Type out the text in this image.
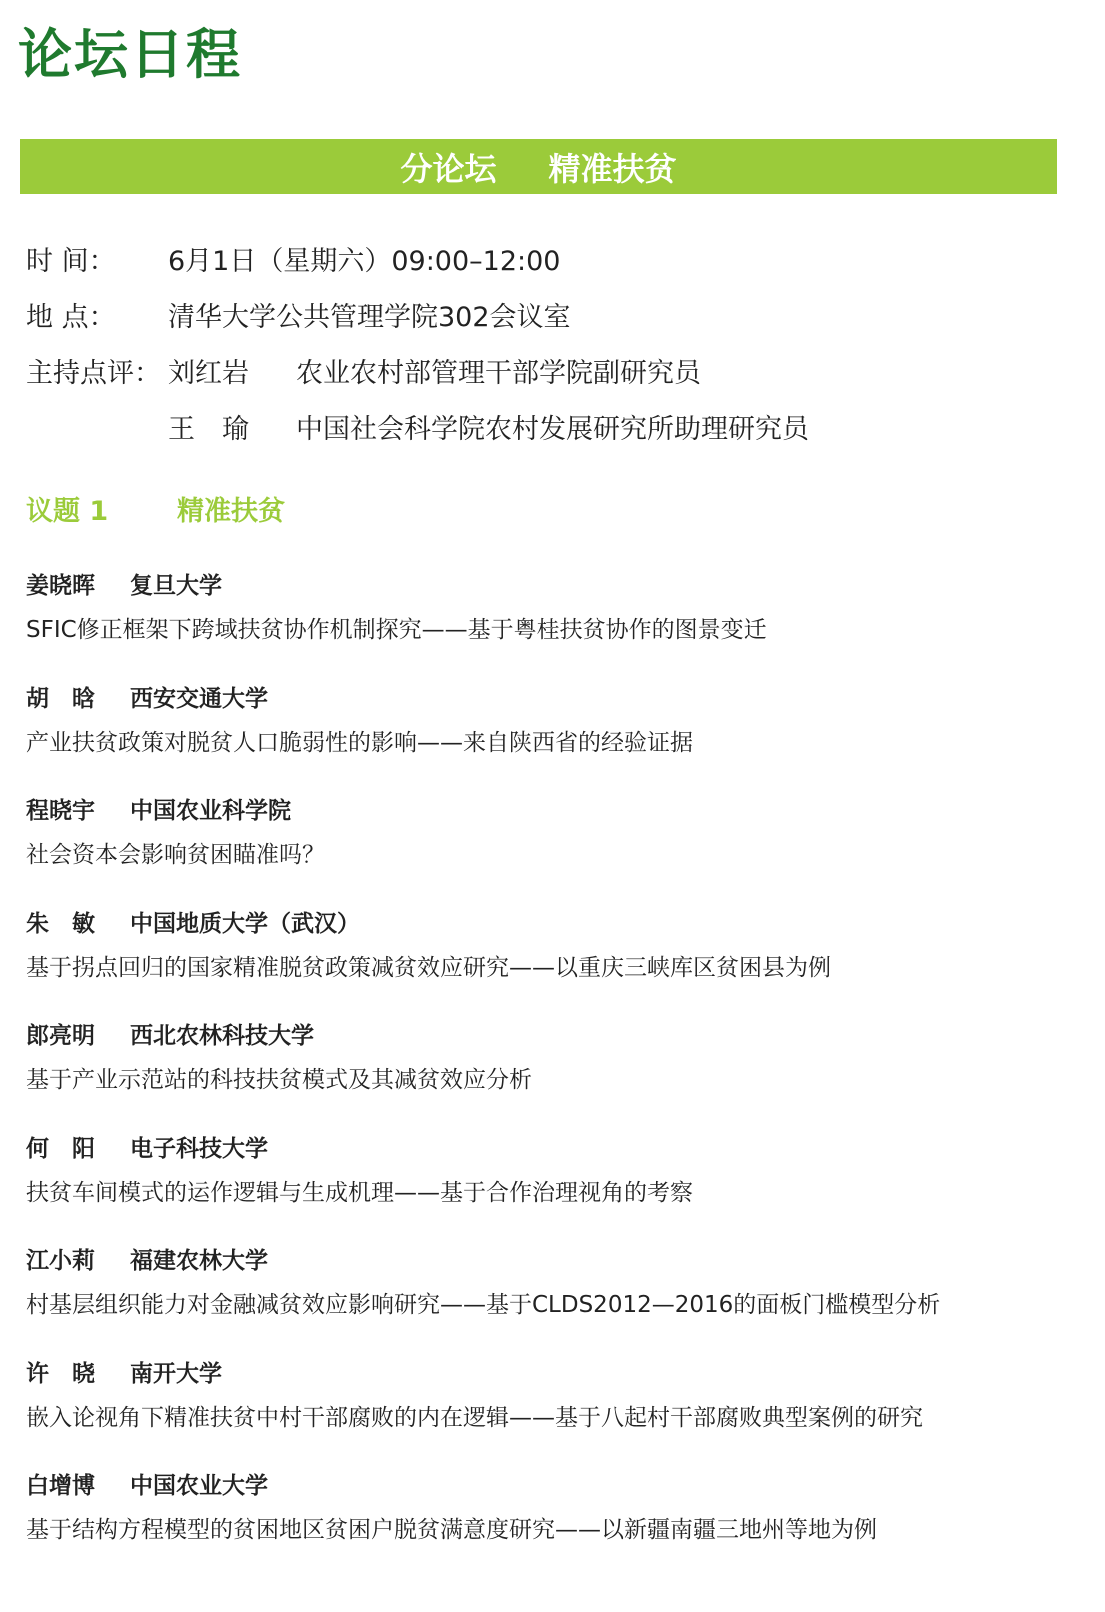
论坛日程
分论坛 精准扶贫
时 间：	6月1日（星期六）09:00–12:00
地 点：	清华大学公共管理学院302会议室
主持点评： 刘红岩	农业农村部管理干部学院副研究员
王　瑜	中国社会科学院农村发展研究所助理研究员
议题 1	精准扶贫
姜晓晖 复旦大学
SFIC修正框架下跨域扶贫协作机制探究——基于粤桂扶贫协作的图景变迁
胡　晗 西安交通大学
产业扶贫政策对脱贫人口脆弱性的影响——来自陕西省的经验证据
程晓宇 中国农业科学院
社会资本会影响贫困瞄准吗？
朱　敏 中国地质大学（武汉）
基于拐点回归的国家精准脱贫政策减贫效应研究——以重庆三峡库区贫困县为例
郎亮明 西北农林科技大学
基于产业示范站的科技扶贫模式及其减贫效应分析
何　阳 电子科技大学
扶贫车间模式的运作逻辑与生成机理——基于合作治理视角的考察
江小莉 福建农林大学
村基层组织能力对金融减贫效应影响研究——基于CLDS2012—2016的面板门槛模型分析
许　晓 南开大学
嵌入论视角下精准扶贫中村干部腐败的内在逻辑——基于八起村干部腐败典型案例的研究
白增博 中国农业大学
基于结构方程模型的贫困地区贫困户脱贫满意度研究——以新疆南疆三地州等地为例
